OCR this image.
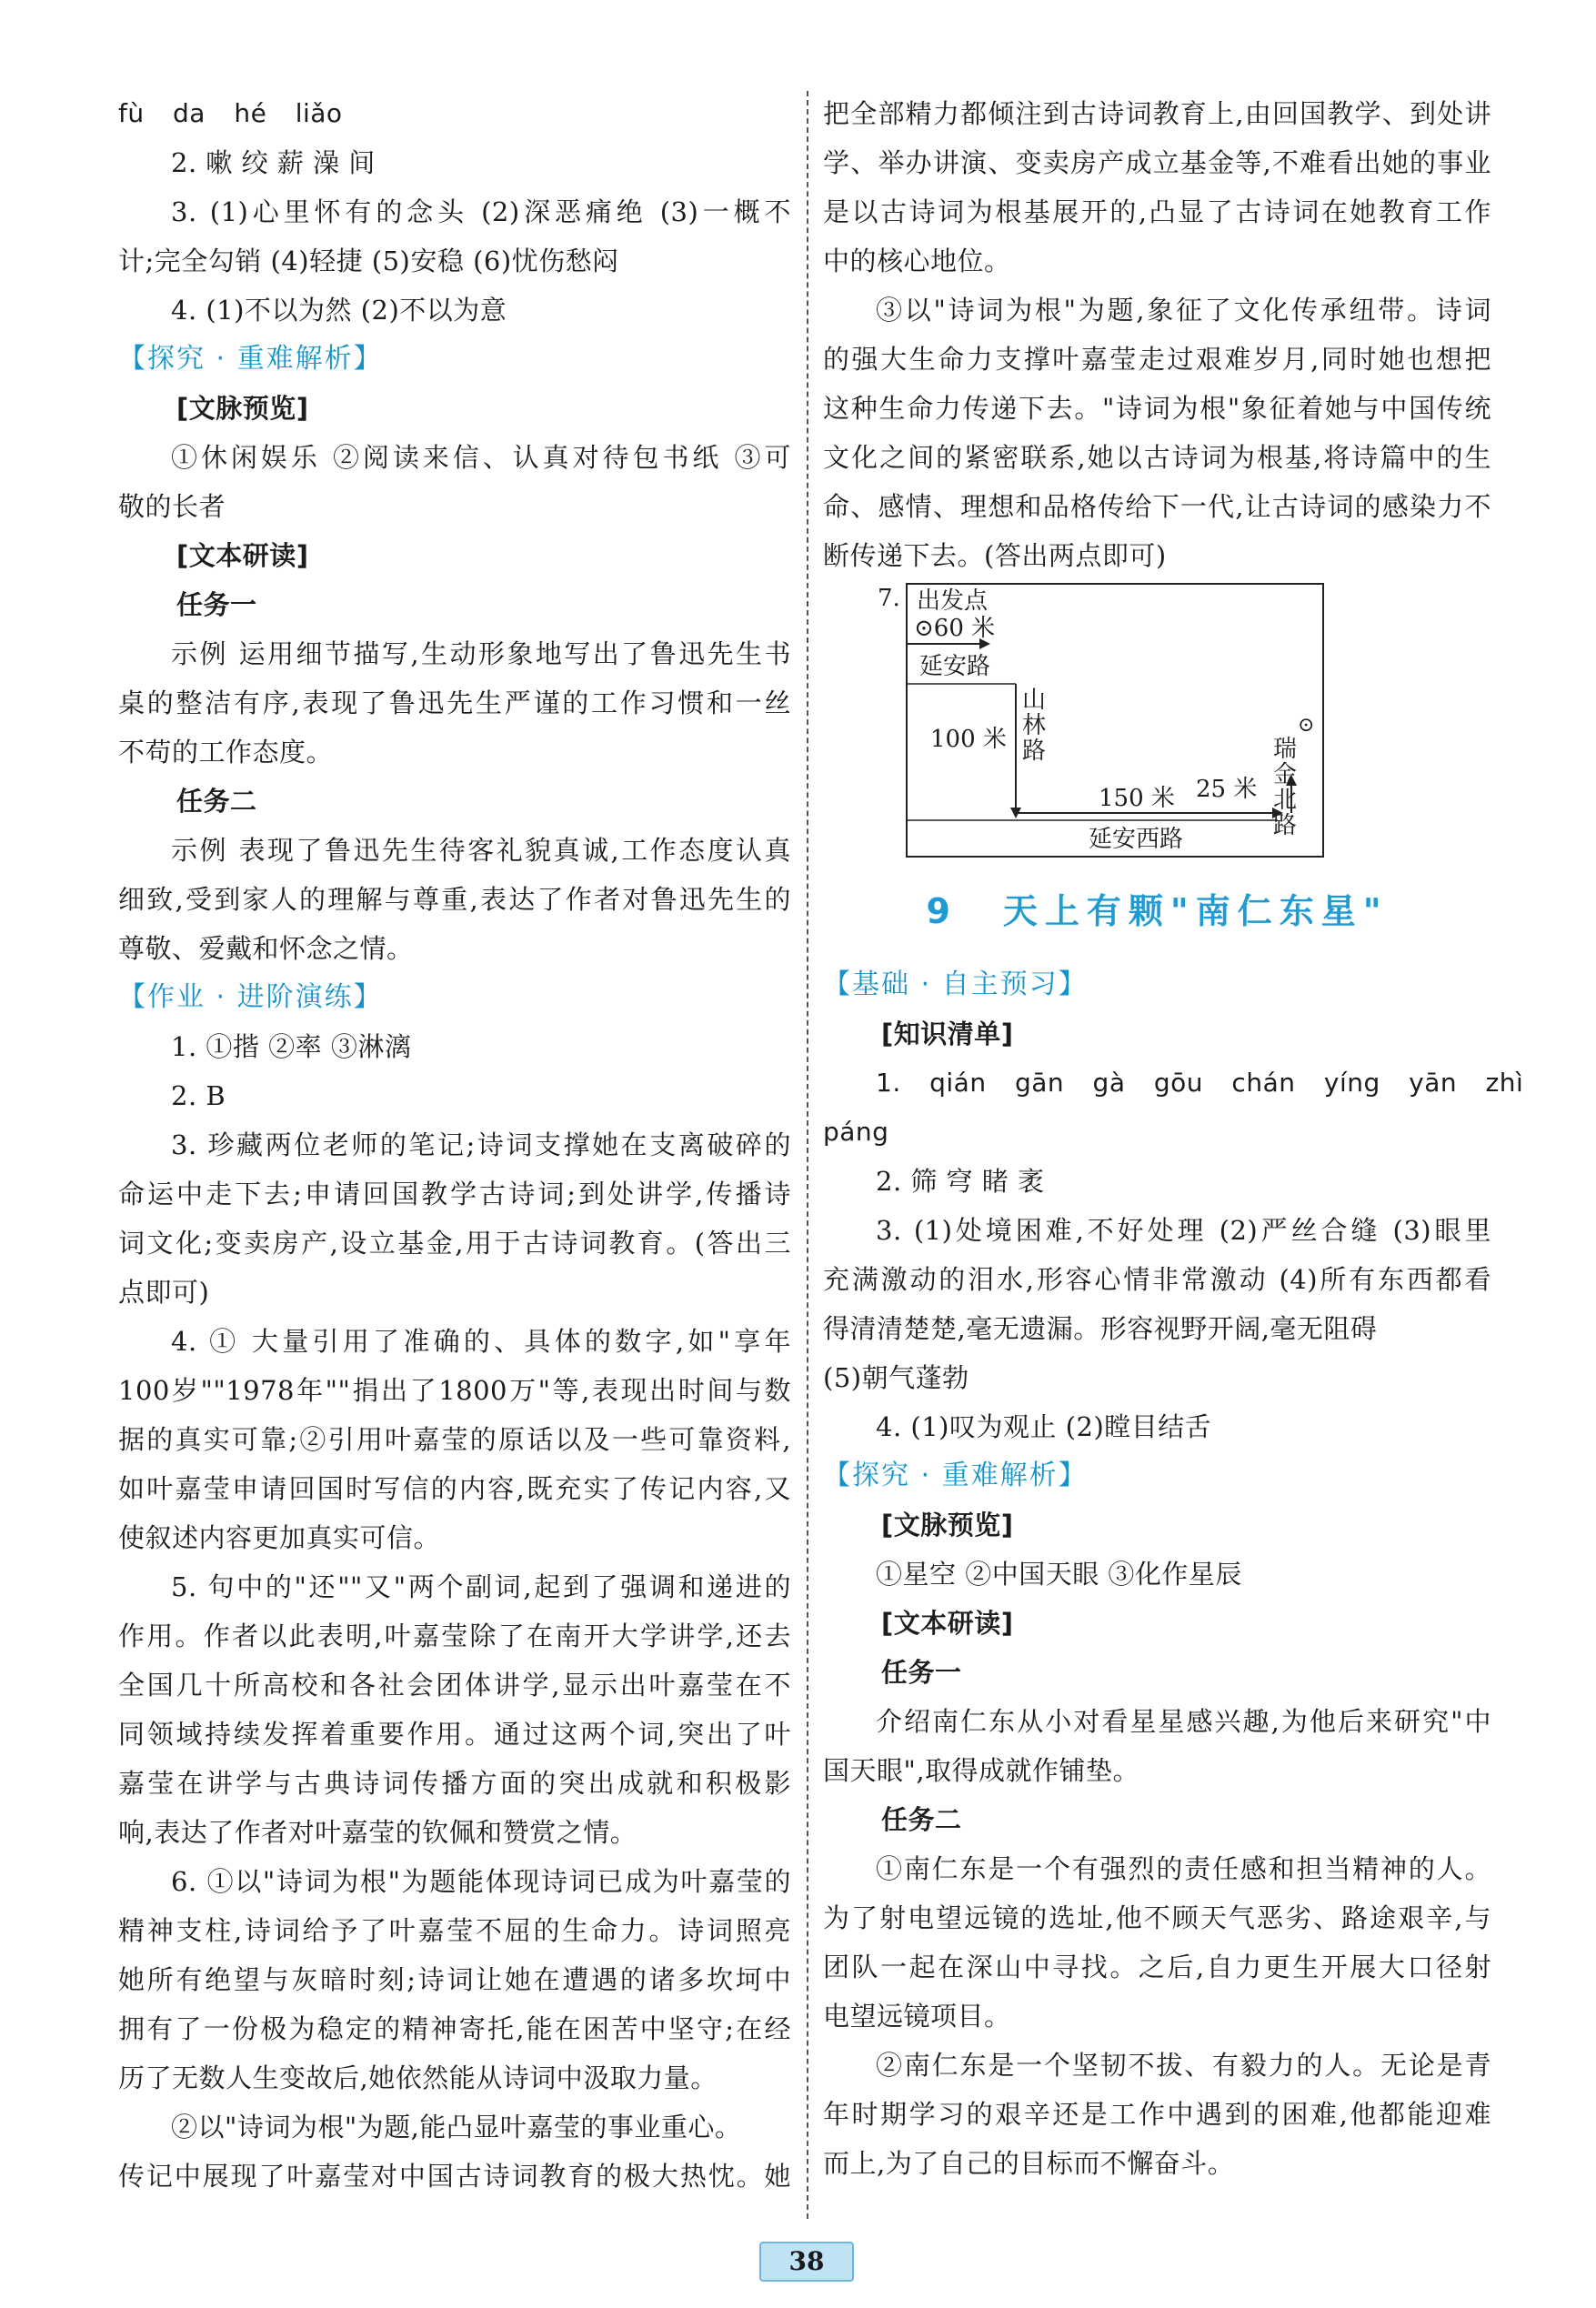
fù da hé liǎo
2. 嗽 绞 薪 澡 间
3. (1)心里怀有的念头 (2)深恶痛绝 (3)一概不
计;完全勾销 (4)轻捷 (5)安稳 (6)忧伤愁闷
4. (1)不以为然 (2)不以为意
【探究 · 重难解析】
[文脉预览]
①休闲娱乐 ②阅读来信、认真对待包书纸 ③可
敬的长者
[文本研读]
任务一
示例 运用细节描写,生动形象地写出了鲁迅先生书
桌的整洁有序,表现了鲁迅先生严谨的工作习惯和一丝
不苟的工作态度。
任务二
示例 表现了鲁迅先生待客礼貌真诚,工作态度认真
细致,受到家人的理解与尊重,表达了作者对鲁迅先生的
尊敬、爱戴和怀念之情。
【作业 · 进阶演练】
1. ①揩 ②率 ③淋漓
2. B
3. 珍藏两位老师的笔记;诗词支撑她在支离破碎的
命运中走下去;申请回国教学古诗词;到处讲学,传播诗
词文化;变卖房产,设立基金,用于古诗词教育。(答出三
点即可)
4. ① 大量引用了准确的、具体的数字,如"享年
100岁""1978年""捐出了1800万"等,表现出时间与数
据的真实可靠;②引用叶嘉莹的原话以及一些可靠资料,
如叶嘉莹申请回国时写信的内容,既充实了传记内容,又
使叙述内容更加真实可信。
5. 句中的"还""又"两个副词,起到了强调和递进的
作用。作者以此表明,叶嘉莹除了在南开大学讲学,还去
全国几十所高校和各社会团体讲学,显示出叶嘉莹在不
同领域持续发挥着重要作用。通过这两个词,突出了叶
嘉莹在讲学与古典诗词传播方面的突出成就和积极影
响,表达了作者对叶嘉莹的钦佩和赞赏之情。
6. ①以"诗词为根"为题能体现诗词已成为叶嘉莹的
精神支柱,诗词给予了叶嘉莹不屈的生命力。诗词照亮
她所有绝望与灰暗时刻;诗词让她在遭遇的诸多坎坷中
拥有了一份极为稳定的精神寄托,能在困苦中坚守;在经
历了无数人生变故后,她依然能从诗词中汲取力量。
②以"诗词为根"为题,能凸显叶嘉莹的事业重心。
传记中展现了叶嘉莹对中国古诗词教育的极大热忱。她
把全部精力都倾注到古诗词教育上,由回国教学、到处讲
学、举办讲演、变卖房产成立基金等,不难看出她的事业
是以古诗词为根基展开的,凸显了古诗词在她教育工作
中的核心地位。
③以"诗词为根"为题,象征了文化传承纽带。诗词
的强大生命力支撑叶嘉莹走过艰难岁月,同时她也想把
这种生命力传递下去。"诗词为根"象征着她与中国传统
文化之间的紧密联系,她以古诗词为根基,将诗篇中的生
命、感情、理想和品格传给下一代,让古诗词的感染力不
断传递下去。(答出两点即可)
7. 出发点
⊙60 米
延安路
山林路
100 米
150 米 25 米
⊙
瑞金北路
延安西路
9 天上有颗"南仁东星"
【基础 · 自主预习】
[知识清单]
1. qián gān gà gōu chán yíng yān zhì
páng
2. 筛 穹 睹 袤
3. (1)处境困难,不好处理 (2)严丝合缝 (3)眼里
充满激动的泪水,形容心情非常激动 (4)所有东西都看
得清清楚楚,毫无遗漏。形容视野开阔,毫无阻碍
(5)朝气蓬勃
4. (1)叹为观止 (2)瞠目结舌
【探究 · 重难解析】
[文脉预览]
①星空 ②中国天眼 ③化作星辰
[文本研读]
任务一
介绍南仁东从小对看星星感兴趣,为他后来研究"中
国天眼",取得成就作铺垫。
任务二
①南仁东是一个有强烈的责任感和担当精神的人。
为了射电望远镜的选址,他不顾天气恶劣、路途艰辛,与
团队一起在深山中寻找。之后,自力更生开展大口径射
电望远镜项目。
②南仁东是一个坚韧不拔、有毅力的人。无论是青
年时期学习的艰辛还是工作中遇到的困难,他都能迎难
而上,为了自己的目标而不懈奋斗。
38
